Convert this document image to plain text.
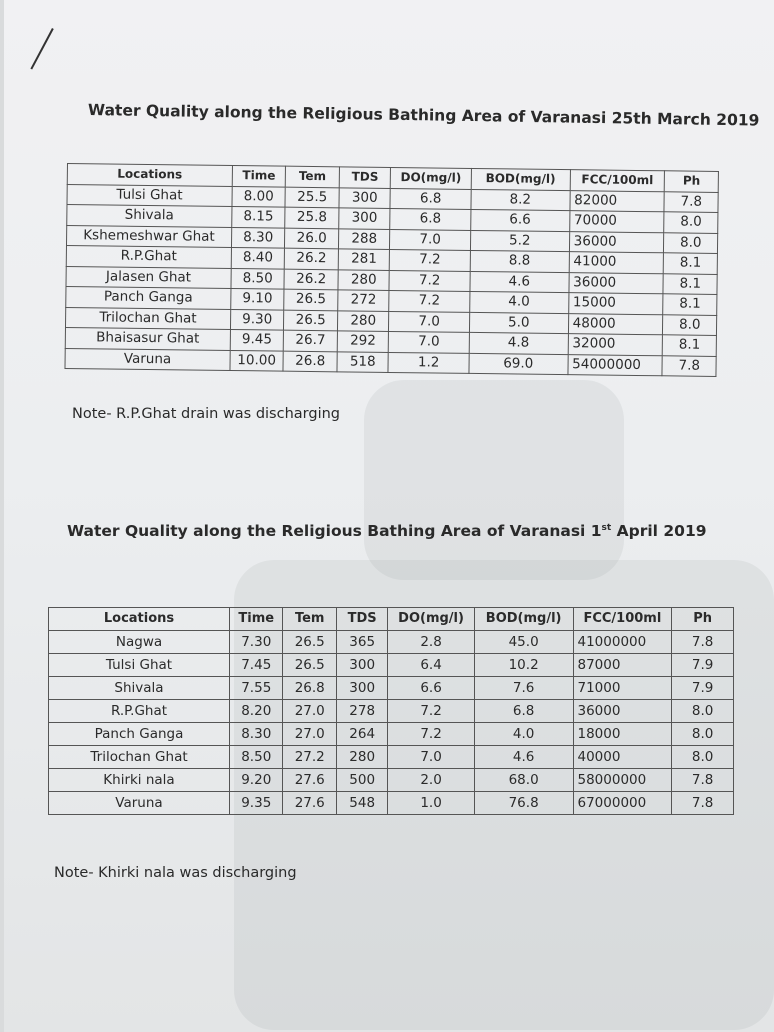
Water Quality along the Religious Bathing Area of Varanasi 25th March 2019
Locations	Time	Tem	TDS	DO(mg/l)	BOD(mg/l)	FCC/100ml	Ph
Tulsi Ghat	8.00	25.5	300	6.8	8.2	82000	7.8
Shivala	8.15	25.8	300	6.8	6.6	70000	8.0
Kshemeshwar Ghat	8.30	26.0	288	7.0	5.2	36000	8.0
R.P.Ghat	8.40	26.2	281	7.2	8.8	41000	8.1
Jalasen Ghat	8.50	26.2	280	7.2	4.6	36000	8.1
Panch Ganga	9.10	26.5	272	7.2	4.0	15000	8.1
Trilochan Ghat	9.30	26.5	280	7.0	5.0	48000	8.0
Bhaisasur Ghat	9.45	26.7	292	7.0	4.8	32000	8.1
Varuna	10.00	26.8	518	1.2	69.0	54000000	7.8
Note- R.P.Ghat drain was discharging
Water Quality along the Religious Bathing Area of Varanasi 1st April 2019
Locations	Time	Tem	TDS	DO(mg/l)	BOD(mg/l)	FCC/100ml	Ph
Nagwa	7.30	26.5	365	2.8	45.0	41000000	7.8
Tulsi Ghat	7.45	26.5	300	6.4	10.2	87000	7.9
Shivala	7.55	26.8	300	6.6	7.6	71000	7.9
R.P.Ghat	8.20	27.0	278	7.2	6.8	36000	8.0
Panch Ganga	8.30	27.0	264	7.2	4.0	18000	8.0
Trilochan Ghat	8.50	27.2	280	7.0	4.6	40000	8.0
Khirki nala	9.20	27.6	500	2.0	68.0	58000000	7.8
Varuna	9.35	27.6	548	1.0	76.8	67000000	7.8
Note- Khirki nala was discharging
